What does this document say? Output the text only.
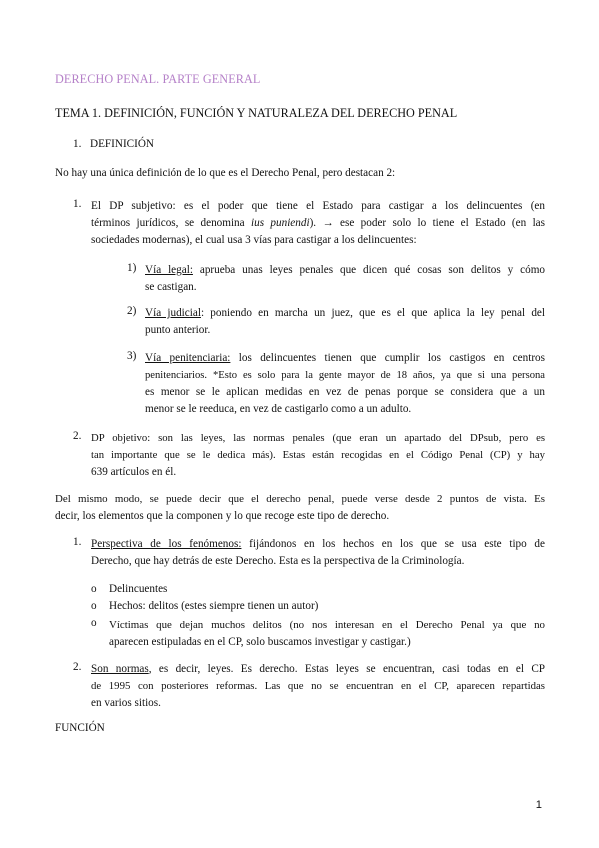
DERECHO PENAL. PARTE GENERAL
TEMA 1. DEFINICIÓN, FUNCIÓN Y NATURALEZA DEL DERECHO PENAL
1. DEFINICIÓN
No hay una única definición de lo que es el Derecho Penal, pero destacan 2:
1. El DP subjetivo: es el poder que tiene el Estado para castigar a los delincuentes (en
términos jurídicos, se denomina ius puniendi). → ese poder solo lo tiene el Estado (en las
sociedades modernas), el cual usa 3 vías para castigar a los delincuentes:
1) Vía legal: aprueba unas leyes penales que dicen qué cosas son delitos y cómo
se castigan.
2) Vía judicial: poniendo en marcha un juez, que es el que aplica la ley penal del
punto anterior.
3) Vía penitenciaria: los delincuentes tienen que cumplir los castigos en centros
penitenciarios. *Esto es solo para la gente mayor de 18 años, ya que si una persona
es menor se le aplican medidas en vez de penas porque se considera que a un
menor se le reeduca, en vez de castigarlo como a un adulto.
2. DP objetivo: son las leyes, las normas penales (que eran un apartado del DPsub, pero es
tan importante que se le dedica más). Estas están recogidas en el Código Penal (CP) y hay
639 artículos en él.
Del mismo modo, se puede decir que el derecho penal, puede verse desde 2 puntos de vista. Es
decir, los elementos que la componen y lo que recoge este tipo de derecho.
1. Perspectiva de los fenómenos: fijándonos en los hechos en los que se usa este tipo de
Derecho, que hay detrás de este Derecho. Esta es la perspectiva de la Criminología.
o Delincuentes
o Hechos: delitos (estes siempre tienen un autor)
o Víctimas que dejan muchos delitos (no nos interesan en el Derecho Penal ya que no
aparecen estipuladas en el CP, solo buscamos investigar y castigar.)
2. Son normas, es decir, leyes. Es derecho. Estas leyes se encuentran, casi todas en el CP
de 1995 con posteriores reformas. Las que no se encuentran en el CP, aparecen repartidas
en varios sitios.
FUNCIÓN
1
